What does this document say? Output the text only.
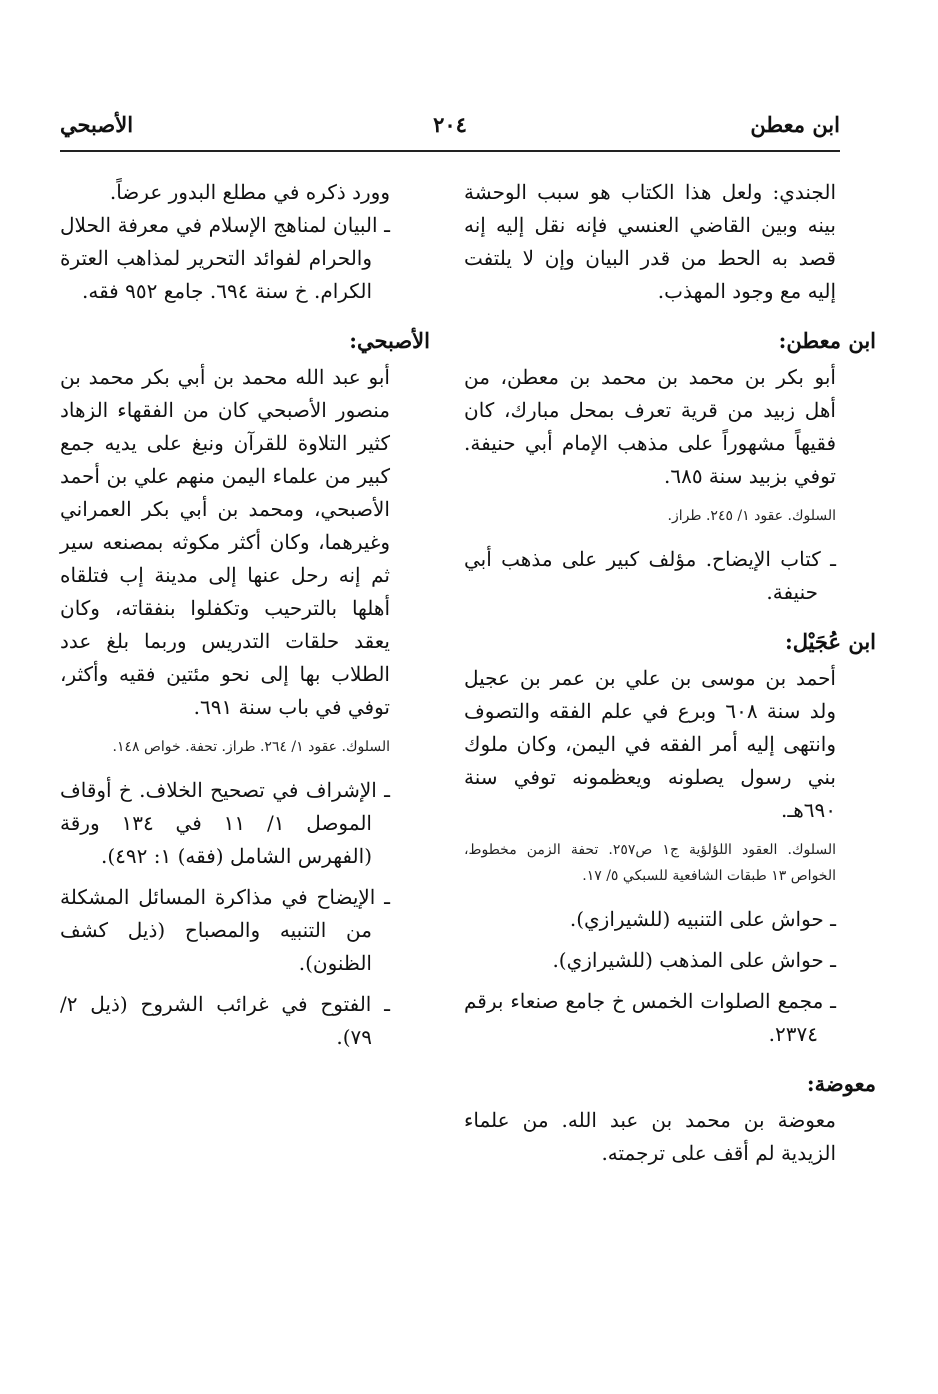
ابن معطن
٢٠٤
الأصبحي

الجندي: ولعل هذا الكتاب هو سبب الوحشة بينه وبين القاضي العنسي فإنه نقل إليه إنه قصد به الحط من قدر البيان وإن لا يلتفت إليه مع وجود المهذب.

ابن معطن:

أبو بكر بن محمد بن محمد بن معطن، من أهل زبيد من قرية تعرف بمحل مبارك، كان فقيهاً مشهوراً على مذهب الإمام أبي حنيفة. توفي بزبيد سنة ٦٨٥.

السلوك. عقود ١/ ٢٤٥. طراز.

ـ كتاب الإيضاح. مؤلف كبير على مذهب أبي حنيفة.

ابن عُجَيْل:

أحمد بن موسى بن علي بن عمر بن عجيل ولد سنة ٦٠٨ وبرع في علم الفقه والتصوف وانتهى إليه أمر الفقه في اليمن، وكان ملوك بني رسول يصلونه ويعظمونه توفي سنة ٦٩٠هـ.

السلوك. العقود اللؤلؤية ج١ ص٢٥٧. تحفة الزمن مخطوط، الخواص ١٣ طبقات الشافعية للسبكي ٥/ ١٧.

ـ حواش على التنبيه (للشيرازي).

ـ حواش على المذهب (للشيرازي).

ـ مجمع الصلوات الخمس خ جامع صنعاء برقم ٢٣٧٤.

معوضة:

معوضة بن محمد بن عبد الله. من علماء الزيدية لم أقف على ترجمته.

وورد ذكره في مطلع البدور عرضاً.

ـ البيان لمناهج الإسلام في معرفة الحلال والحرام لفوائد التحرير لمذاهب العترة الكرام. خ سنة ٦٩٤. جامع ٩٥٢ فقه.

الأصبحي:

أبو عبد الله محمد بن أبي بكر محمد بن منصور الأصبحي كان من الفقهاء الزهاد كثير التلاوة للقرآن ونبغ على يديه جمع كبير من علماء اليمن منهم علي بن أحمد الأصبحي، ومحمد بن أبي بكر العمراني وغيرهما، وكان أكثر مكوثه بمصنعه سير ثم إنه رحل عنها إلى مدينة إب فتلقاه أهلها بالترحيب وتكفلوا بنفقاته، وكان يعقد حلقات التدريس وربما بلغ عدد الطلاب بها إلى نحو مئتين فقيه وأكثر، توفي في باب سنة ٦٩١.

السلوك. عقود ١/ ٢٦٤. طراز. تحفة. خواص ١٤٨.

ـ الإشراف في تصحيح الخلاف. خ أوقاف الموصل ١/ ١١ في ١٣٤ ورقة (الفهرس الشامل (فقه) ١: ٤٩٢).

ـ الإيضاح في مذاكرة المسائل المشكلة من التنبيه والمصباح (ذيل كشف الظنون).

ـ الفتوح في غرائب الشروح (ذيل ٢/ ٧٩).
